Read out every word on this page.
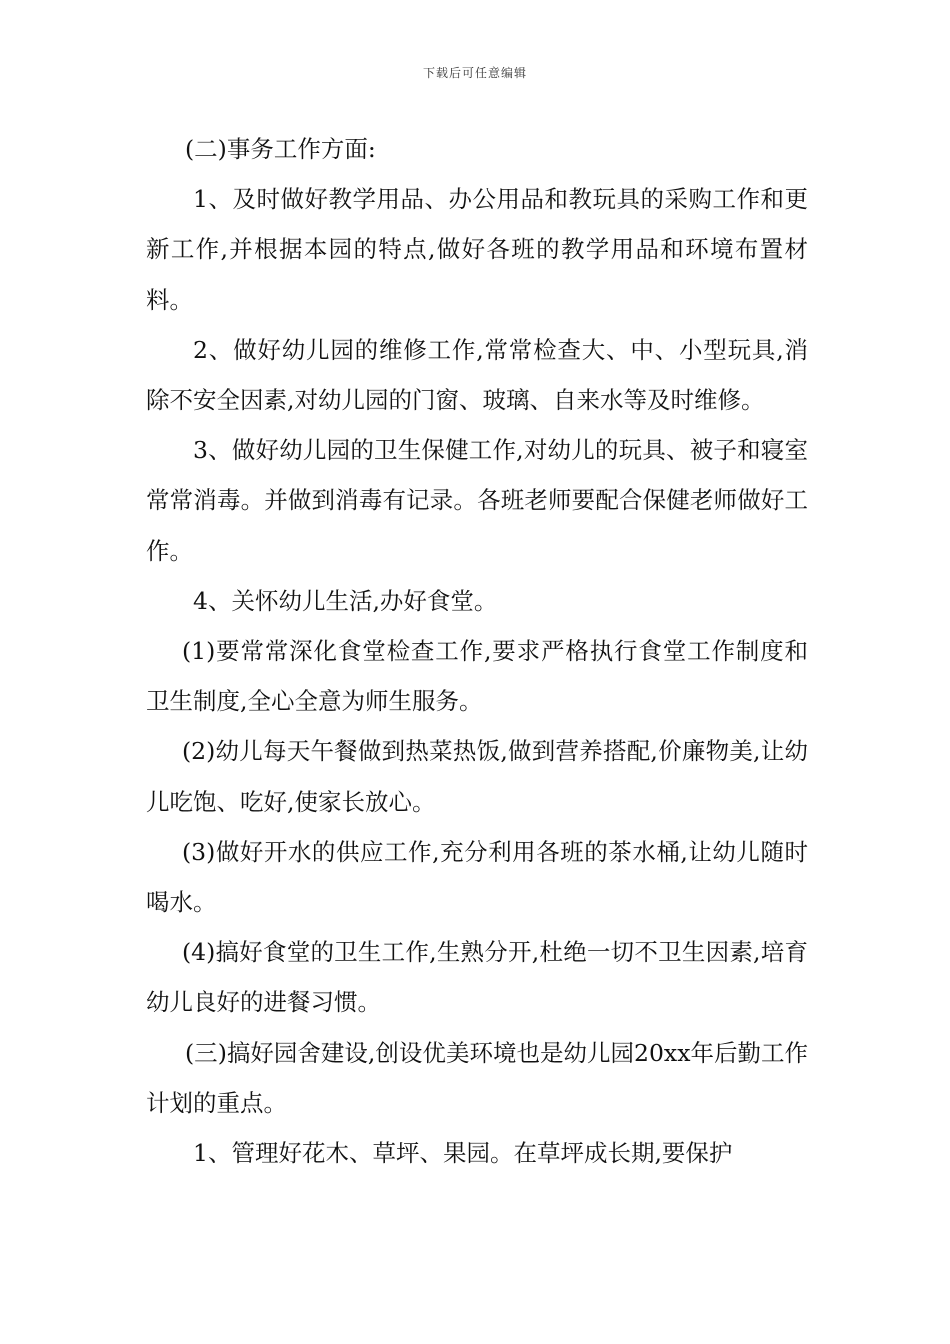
下载后可任意编辑

(二)事务工作方面:

1、及时做好教学用品、办公用品和教玩具的采购工作和更新工作,并根据本园的特点,做好各班的教学用品和环境布置材料。

2、做好幼儿园的维修工作,常常检查大、中、小型玩具,消除不安全因素,对幼儿园的门窗、玻璃、自来水等及时维修。

3、做好幼儿园的卫生保健工作,对幼儿的玩具、被子和寝室常常消毒。并做到消毒有记录。各班老师要配合保健老师做好工作。

4、关怀幼儿生活,办好食堂。

(1)要常常深化食堂检查工作,要求严格执行食堂工作制度和卫生制度,全心全意为师生服务。

(2)幼儿每天午餐做到热菜热饭,做到营养搭配,价廉物美,让幼儿吃饱、吃好,使家长放心。

(3)做好开水的供应工作,充分利用各班的茶水桶,让幼儿随时喝水。

(4)搞好食堂的卫生工作,生熟分开,杜绝一切不卫生因素,培育幼儿良好的进餐习惯。

(三)搞好园舍建设,创设优美环境也是幼儿园20xx年后勤工作计划的重点。

1、管理好花木、草坪、果园。在草坪成长期,要保护
